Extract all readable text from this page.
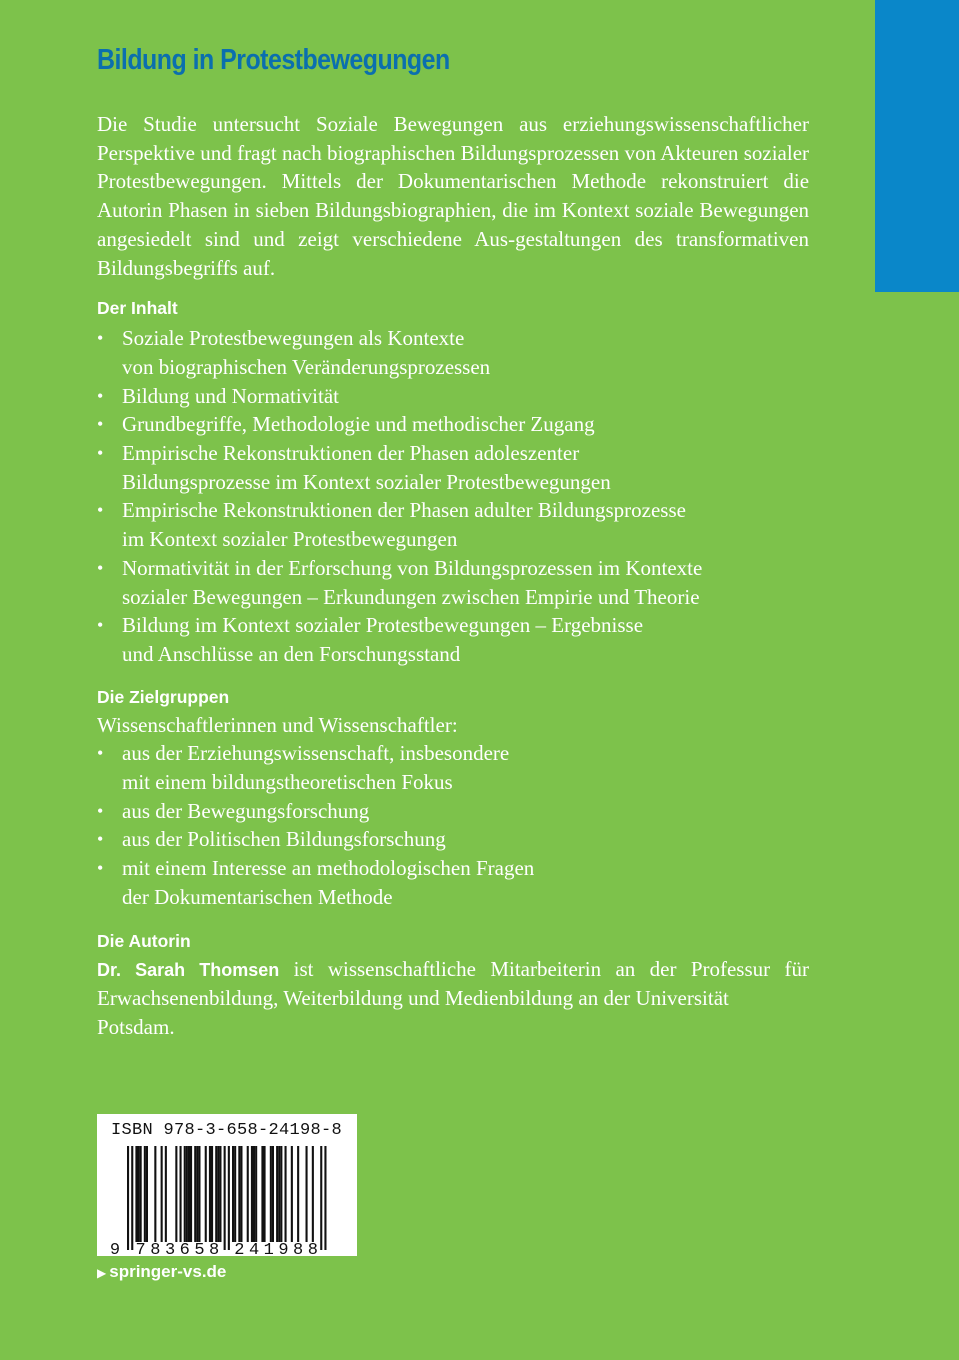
Bildung in Protestbewegungen

Die Studie untersucht Soziale Bewegungen aus erziehungswissenschaftlicher Perspektive und fragt nach biographischen Bildungsprozessen von Akteuren sozialer Protestbewegungen. Mittels der Dokumentarischen Methode rekonstruiert die Autorin Phasen in sieben Bildungsbiographien, die im Kontext soziale Bewegungen angesiedelt sind und zeigt verschiedene Aus-gestaltungen des transformativen Bildungsbegriffs auf.

Der Inhalt
• Soziale Protestbewegungen als Kontexte
von biographischen Veränderungsprozessen
• Bildung und Normativität
• Grundbegriffe, Methodologie und methodischer Zugang
• Empirische Rekonstruktionen der Phasen adoleszenter
Bildungsprozesse im Kontext sozialer Protestbewegungen
• Empirische Rekonstruktionen der Phasen adulter Bildungsprozesse
im Kontext sozialer Protestbewegungen
• Normativität in der Erforschung von Bildungsprozessen im Kontexte
sozialer Bewegungen – Erkundungen zwischen Empirie und Theorie
• Bildung im Kontext sozialer Protestbewegungen – Ergebnisse
und Anschlüsse an den Forschungsstand
Die Zielgruppen
Wissenschaftlerinnen und Wissenschaftler:
• aus der Erziehungswissenschaft, insbesondere
mit einem bildungstheoretischen Fokus
• aus der Bewegungsforschung
• aus der Politischen Bildungsforschung
• mit einem Interesse an methodologischen Fragen
der Dokumentarischen Methode
Die Autorin

Dr. Sarah Thomsen ist wissenschaftliche Mitarbeiterin an der Professur für Erwachsenenbildung, Weiterbildung und Medienbildung an der Universität
Potsdam.

ISBN 978-3-658-24198-8
9 7 8 3 6 5 8 2 4 1 9 8 8
▶ springer-vs.de
